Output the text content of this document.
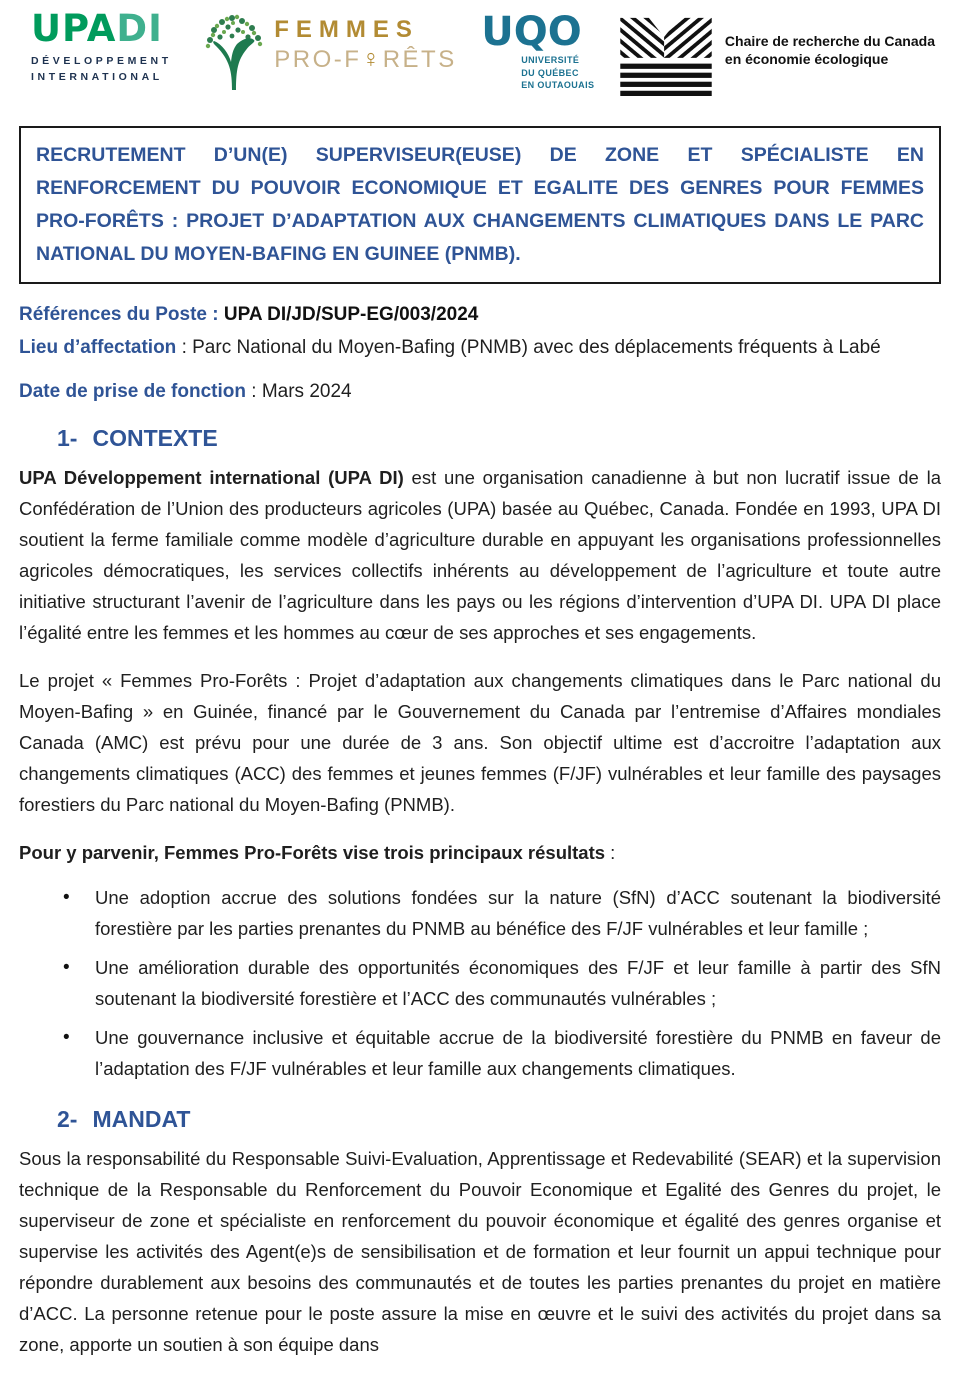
UPADI
DÉVELOPPEMENT
INTERNATIONAL
FEMMES
PRO-F♀RÊTS
UQO
UNIVERSITÉ
DU QUÉBEC
EN OUTAOUAIS
Chaire de recherche du Canada
en économie écologique
RECRUTEMENT D’UN(E) SUPERVISEUR(EUSE) DE ZONE ET SPÉCIALISTE EN RENFORCEMENT DU POUVOIR ECONOMIQUE ET EGALITE DES GENRES POUR FEMMES PRO-FORÊTS : PROJET D’ADAPTATION AUX CHANGEMENTS CLIMATIQUES DANS LE PARC NATIONAL DU MOYEN-BAFING EN GUINEE (PNMB).
Références du Poste : UPA DI/JD/SUP-EG/003/2024
Lieu d’affectation : Parc National du Moyen-Bafing (PNMB) avec des déplacements fréquents à Labé
Date de prise de fonction : Mars 2024
1- CONTEXTE

UPA Développement international (UPA DI) est une organisation canadienne à but non lucratif issue de la Confédération de l’Union des producteurs agricoles (UPA) basée au Québec, Canada. Fondée en 1993, UPA DI soutient la ferme familiale comme modèle d’agriculture durable en appuyant les organisations professionnelles agricoles démocratiques, les services collectifs inhérents au développement de l’agriculture et toute autre initiative structurant l’avenir de l’agriculture dans les pays ou les régions d’intervention d’UPA DI. UPA DI place l’égalité entre les femmes et les hommes au cœur de ses approches et ses engagements.

Le projet « Femmes Pro-Forêts : Projet d’adaptation aux changements climatiques dans le Parc national du Moyen-Bafing » en Guinée, financé par le Gouvernement du Canada par l’entremise d’Affaires mondiales Canada (AMC) est prévu pour une durée de 3 ans. Son objectif ultime est d’accroitre l’adaptation aux changements climatiques (ACC) des femmes et jeunes femmes (F/JF) vulnérables et leur famille des paysages forestiers du Parc national du Moyen-Bafing (PNMB).

Pour y parvenir, Femmes Pro-Forêts vise trois principaux résultats :

• Une adoption accrue des solutions fondées sur la nature (SfN) d’ACC soutenant la biodiversité forestière par les parties prenantes du PNMB au bénéfice des F/JF vulnérables et leur famille ;
• Une amélioration durable des opportunités économiques des F/JF et leur famille à partir des SfN soutenant la biodiversité forestière et l’ACC des communautés vulnérables ;
• Une gouvernance inclusive et équitable accrue de la biodiversité forestière du PNMB en faveur de l’adaptation des F/JF vulnérables et leur famille aux changements climatiques.
2- MANDAT

Sous la responsabilité du Responsable Suivi-Evaluation, Apprentissage et Redevabilité (SEAR) et la supervision technique de la Responsable du Renforcement du Pouvoir Economique et Egalité des Genres du projet, le superviseur de zone et spécialiste en renforcement du pouvoir économique et égalité des genres organise et supervise les activités des Agent(e)s de sensibilisation et de formation et leur fournit un appui technique pour répondre durablement aux besoins des communautés et de toutes les parties prenantes du projet en matière d’ACC. La personne retenue pour le poste assure la mise en œuvre et le suivi des activités du projet dans sa zone, apporte un soutien à son équipe dans
